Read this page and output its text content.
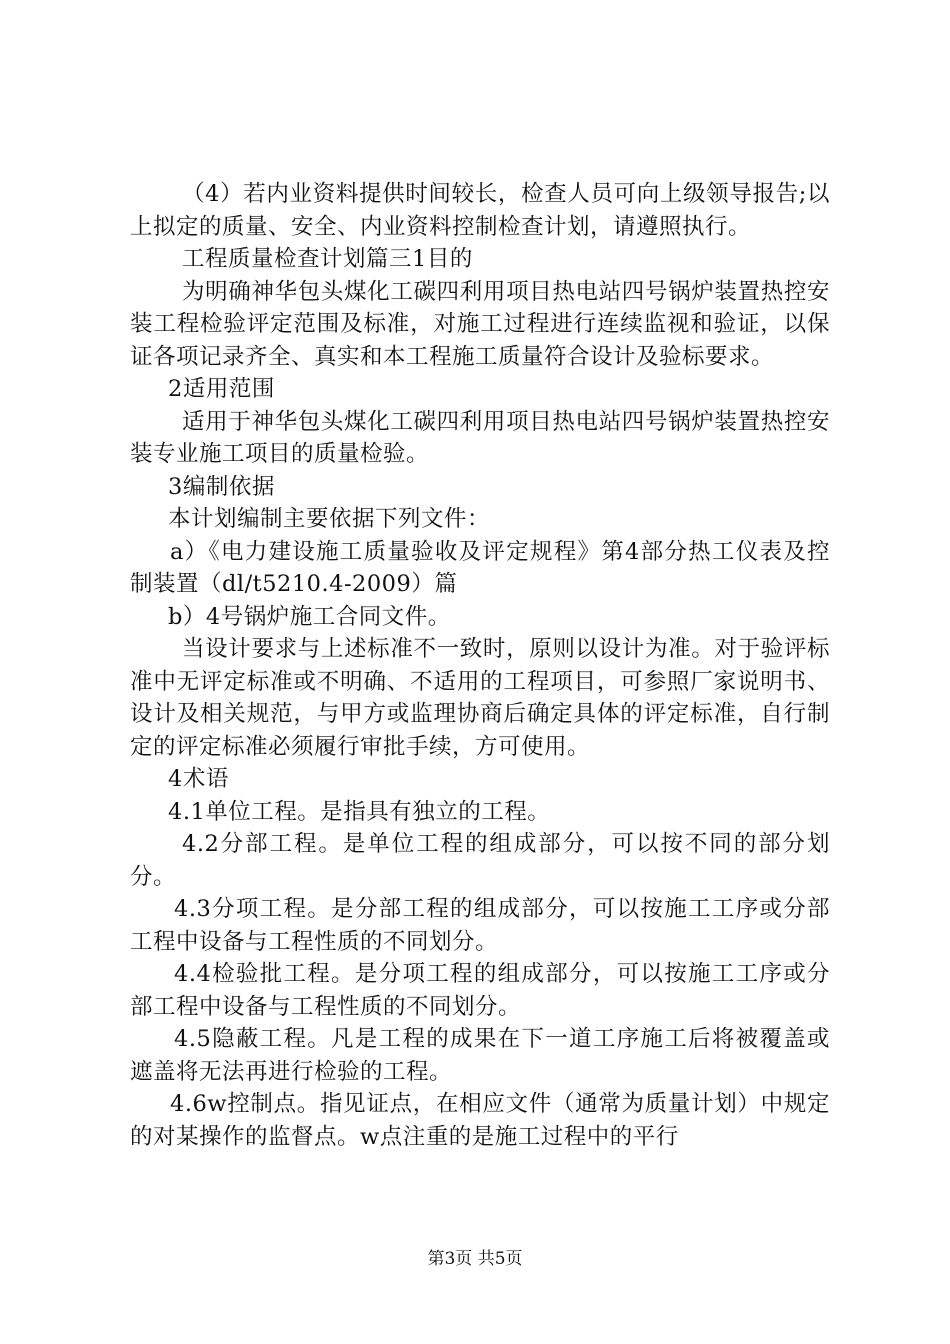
（4）若内业资料提供时间较长，检查人员可向上级领导报告;以上拟定的质量、安全、内业资料控制检查计划，请遵照执行。

工程质量检查计划篇三1目的

为明确神华包头煤化工碳四利用项目热电站四号锅炉装置热控安装工程检验评定范围及标准，对施工过程进行连续监视和验证，以保证各项记录齐全、真实和本工程施工质量符合设计及验标要求。

2适用范围

适用于神华包头煤化工碳四利用项目热电站四号锅炉装置热控安装专业施工项目的质量检验。

3编制依据

本计划编制主要依据下列文件：

a）《电力建设施工质量验收及评定规程》第4部分热工仪表及控制装置（dl/t5210.4-2009）篇

b）4号锅炉施工合同文件。

当设计要求与上述标准不一致时，原则以设计为准。对于验评标准中无评定标准或不明确、不适用的工程项目，可参照厂家说明书、设计及相关规范，与甲方或监理协商后确定具体的评定标准，自行制定的评定标准必须履行审批手续，方可使用。

4术语

4.1单位工程。是指具有独立的工程。

4.2分部工程。是单位工程的组成部分，可以按不同的部分划分。

4.3分项工程。是分部工程的组成部分，可以按施工工序或分部工程中设备与工程性质的不同划分。

4.4检验批工程。是分项工程的组成部分，可以按施工工序或分部工程中设备与工程性质的不同划分。

4.5隐蔽工程。凡是工程的成果在下一道工序施工后将被覆盖或遮盖将无法再进行检验的工程。

4.6w控制点。指见证点，在相应文件（通常为质量计划）中规定的对某操作的监督点。w点注重的是施工过程中的平行

第3页 共5页
